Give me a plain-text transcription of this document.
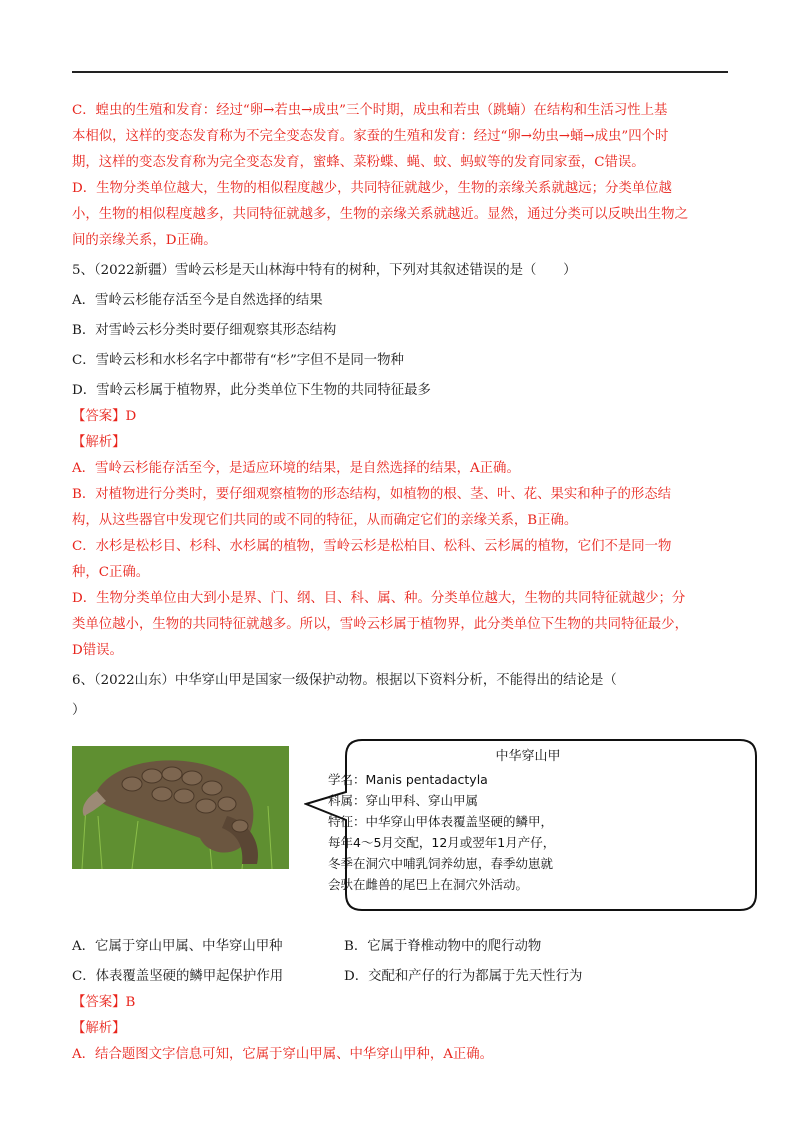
C．蝗虫的生殖和发育：经过“卵→若虫→成虫”三个时期，成虫和若虫（跳蝻）在结构和生活习性上基

本相似，这样的变态发育称为不完全变态发育。家蚕的生殖和发育：经过“卵→幼虫→蛹→成虫”四个时

期，这样的变态发育称为完全变态发育，蜜蜂、菜粉蝶、蝇、蚊、蚂蚁等的发育同家蚕，C错误。

D．生物分类单位越大，生物的相似程度越少，共同特征就越少，生物的亲缘关系就越远；分类单位越

小，生物的相似程度越多，共同特征就越多，生物的亲缘关系就越近。显然，通过分类可以反映出生物之

间的亲缘关系，D正确。

5、（2022新疆）雪岭云杉是天山林海中特有的树种，下列对其叙述错误的是（　　）

A．雪岭云杉能存活至今是自然选择的结果

B．对雪岭云杉分类时要仔细观察其形态结构

C．雪岭云杉和水杉名字中都带有“杉”字但不是同一物种

D．雪岭云杉属于植物界，此分类单位下生物的共同特征最多

【答案】D

【解析】

A．雪岭云杉能存活至今，是适应环境的结果，是自然选择的结果，A正确。

B．对植物进行分类时，要仔细观察植物的形态结构，如植物的根、茎、叶、花、果实和种子的形态结

构，从这些器官中发现它们共同的或不同的特征，从而确定它们的亲缘关系，B正确。

C．水杉是松杉目、杉科、水杉属的植物，雪岭云杉是松柏目、松科、云杉属的植物，它们不是同一物

种，C正确。

D．生物分类单位由大到小是界、门、纲、目、科、属、种。分类单位越大，生物的共同特征就越少；分

类单位越小，生物的共同特征就越多。所以，雪岭云杉属于植物界，此分类单位下生物的共同特征最少，

D错误。

6、（2022山东）中华穿山甲是国家一级保护动物。根据以下资料分析，不能得出的结论是（

）

中华穿山甲
学名：Manis pentadactyla
科属：穿山甲科、穿山甲属
特征：中华穿山甲体表覆盖坚硬的鳞甲，
每年4～5月交配，12月或翌年1月产仔，
冬季在洞穴中哺乳饲养幼崽，春季幼崽就
会驮在雌兽的尾巴上在洞穴外活动。

A．它属于穿山甲属、中华穿山甲种	B．它属于脊椎动物中的爬行动物

C．体表覆盖坚硬的鳞甲起保护作用	D．交配和产仔的行为都属于先天性行为

【答案】B

【解析】

A．结合题图文字信息可知，它属于穿山甲属、中华穿山甲种，A正确。
